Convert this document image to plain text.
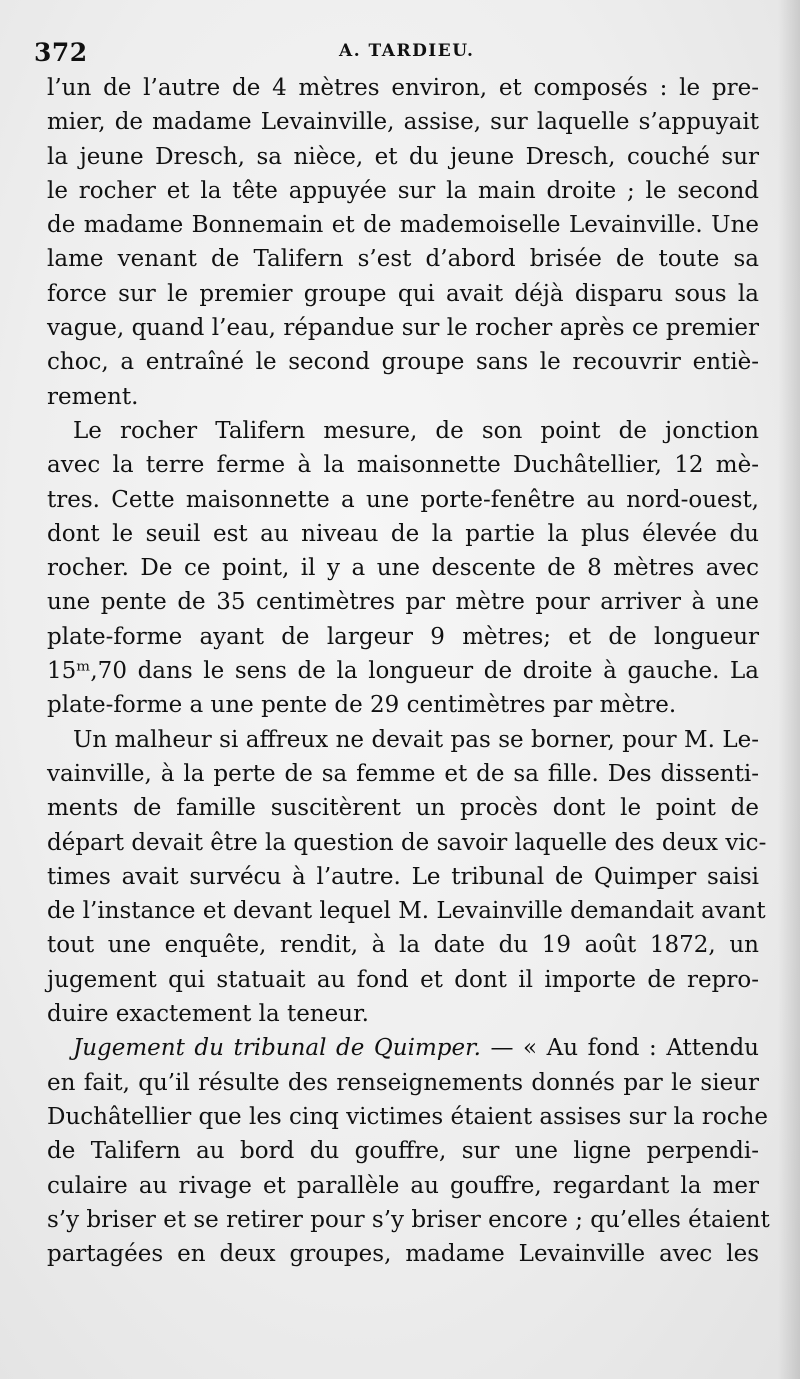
372	A. TARDIEU.
l’un de l’autre de 4 mètres environ, et composés : le pre-
mier, de madame Levainville, assise, sur laquelle s’appuyait
la jeune Dresch, sa nièce, et du jeune Dresch, couché sur
le rocher et la tête appuyée sur la main droite ; le second
de madame Bonnemain et de mademoiselle Levainville. Une
lame venant de Talifern s’est d’abord brisée de toute sa
force sur le premier groupe qui avait déjà disparu sous la
vague, quand l’eau, répandue sur le rocher après ce premier
choc, a entraîné le second groupe sans le recouvrir entiè-
rement.
Le rocher Talifern mesure, de son point de jonction
avec la terre ferme à la maisonnette Duchâtellier, 12 mè-
tres. Cette maisonnette a une porte-fenêtre au nord-ouest,
dont le seuil est au niveau de la partie la plus élevée du
rocher. De ce point, il y a une descente de 8 mètres avec
une pente de 35 centimètres par mètre pour arriver à une
plate-forme ayant de largeur 9 mètres; et de longueur
15ᵐ,70 dans le sens de la longueur de droite à gauche. La
plate-forme a une pente de 29 centimètres par mètre.
Un malheur si affreux ne devait pas se borner, pour M. Le-
vainville, à la perte de sa femme et de sa fille. Des dissenti-
ments de famille suscitèrent un procès dont le point de
départ devait être la question de savoir laquelle des deux vic-
times avait survécu à l’autre. Le tribunal de Quimper saisi
de l’instance et devant lequel M. Levainville demandait avant
tout une enquête, rendit, à la date du 19 août 1872, un
jugement qui statuait au fond et dont il importe de repro-
duire exactement la teneur.
Jugement du tribunal de Quimper. — « Au fond : Attendu
en fait, qu’il résulte des renseignements donnés par le sieur
Duchâtellier que les cinq victimes étaient assises sur la roche
de Talifern au bord du gouffre, sur une ligne perpendi-
culaire au rivage et parallèle au gouffre, regardant la mer
s’y briser et se retirer pour s’y briser encore ; qu’elles étaient
partagées en deux groupes, madame Levainville avec les
